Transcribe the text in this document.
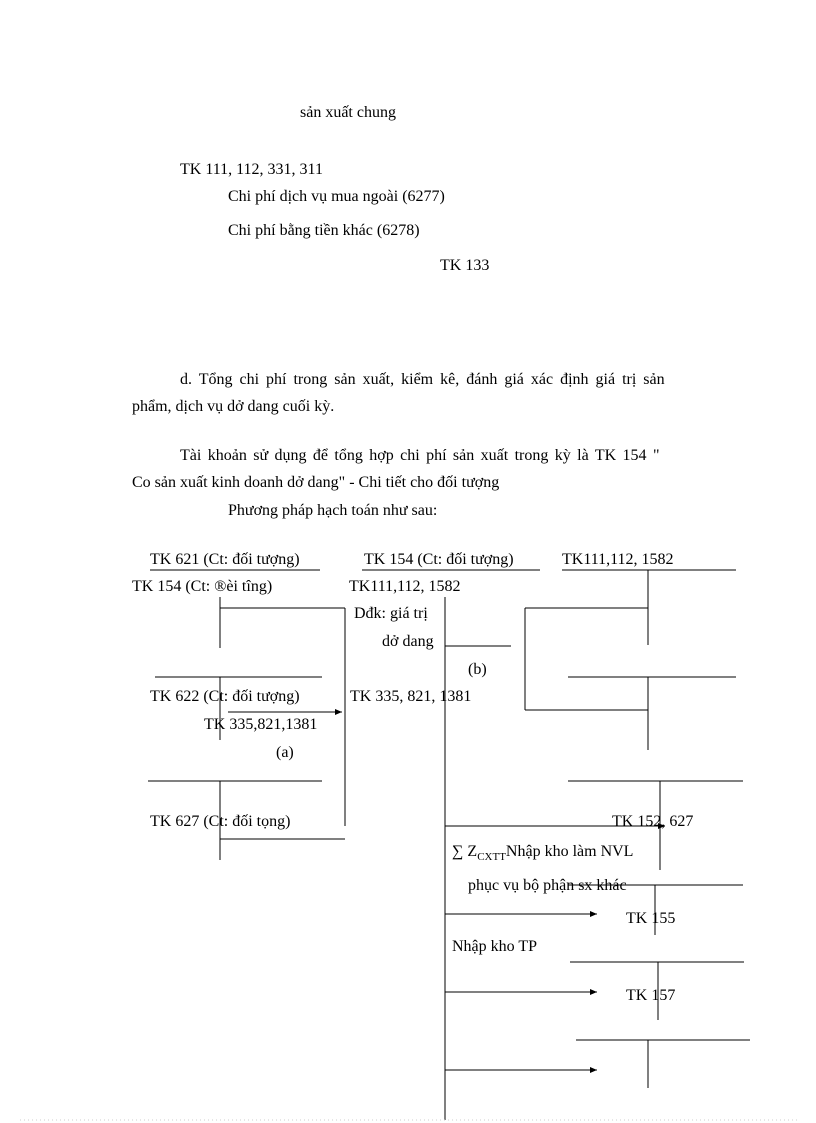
sản xuất chung
TK 111, 112, 331, 311
Chi phí dịch vụ mua ngoài (6277)
Chi phí bằng tiền khác (6278)
TK 133
d. Tổng chi phí trong sản xuất, kiểm kê, đánh giá xác định giá trị sản
phẩm, dịch vụ dở dang cuối kỳ.
Tài khoản sử dụng để tổng hợp chi phí sản xuất trong kỳ là TK 154 "
Co sản xuất kinh doanh dở dang" - Chi tiết cho đối tượng
Phương pháp hạch toán như sau:
TK 621 (Ct: đối tượng)	TK 154 (Ct: đối tượng)	TK111,112, 1582
TK 154 (Ct: ®èi tîng)	TK111,112, 1582
Dđk: giá trị
dở dang
(b)
TK 622 (Ct: đối tượng)	TK 335, 821, 1381
TK 335,821,1381
(a)
TK 627 (Ct: đối tọng)	TK 152, 627
∑ $Z_{CXTT}Nhập$ kho làm NVL
phục vụ bộ phận sx khác
TK 155
Nhập kho TP
TK 157
